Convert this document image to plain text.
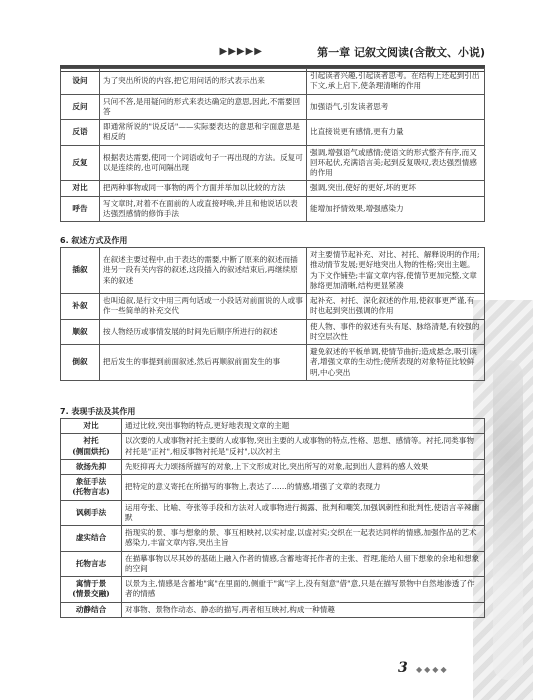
▶▶▶▶▶	第一章 记叙文阅读(含散文、小说)
设问	为了突出所说的内容,把它用问话的形式表示出来	引起读者兴趣,引起读者思考。在结构上还起到引出下文,承上启下,使条理清晰的作用
反问	只问不答,是用疑问的形式来表达确定的意思,因此,不需要回答	加强语气,引发读者思考
反语	即通常所说的"说反话"——实际要表达的意思和字面意思是相反的	比直接说更有感情,更有力量
反复	根据表达需要,使同一个词语或句子一再出现的方法。反复可以是连续的,也可间隔出现	强调,增强语气或感情;使语文的形式整齐有序,而又回环起伏,充满语言美;起到反复吸叹,表达强烈情感的作用
对比	把两种事物或同一事物的两个方面并举加以比较的方法	强调,突出,使好的更好,坏的更坏
呼告	写文章时,对着不在面前的人或直接呼唤,并且和他说话以表达强烈感情的修饰手法	能增加抒情效果,增强感染力
6. 叙述方式及作用
插叙	在叙述主要过程中,由于表达的需要,中断了原来的叙述而插进另一段有关内容的叙述,这段插入的叙述结束后,再继续原来的叙述	对主要情节起补充、对比、衬托、解释说明的作用;推动情节发展;更好地突出人物的性格;突出主题。为下文作铺垫;丰富文章内容,使情节更加完整,文章脉络更加清晰,结构更显紧凑
补叙	也叫追叙,是行文中用三两句话或一小段话对前面说的人或事作一些简单的补充交代	起补充、衬托、深化叙述的作用,使叙事更严谨,有时也起到突出强调的作用
顺叙	按人物经历或事情发展的时间先后顺序所进行的叙述	使人物、事件的叙述有头有尾、脉络清楚,有较强的时空层次性
倒叙	把后发生的事提到前面叙述,然后再顺叙前面发生的事	避免叙述的平板单调,使情节曲折;造成悬念,吸引读者,增强文章的生动性;使所表现的对象特征比较鲜明,中心突出
7. 表现手法及其作用
对比	通过比较,突出事物的特点,更好地表现文章的主题
衬托
(侧面烘托)	以次要的人或事物衬托主要的人或事物,突出主要的人或事物的特点,性格、思想、感情等。衬托,同类事物衬托是"正衬",相反事物衬托是"反衬",以次衬主
欲扬先抑	先贬抑再大力颂扬所描写的对象,上下文形成对比,突出所写的对象,起到出人意料的感人效果
象征手法
(托物言志)	把特定的意义寄托在所描写的事物上,表达了……的情感,增强了文章的表现力
讽刺手法	运用夸张、比喻、夸张等手段和方法对人或事物进行揭露、批判和嘲笑,加强讽刺性和批判性,使语言辛辣幽默
虚实结合	指现实的景、事与想象的景、事互相映衬,以实衬虚,以虚衬实;交织在一起表达同样的情感,加强作品的艺术感染力,丰富文章内容,突出主旨
托物言志	在描摹事物以尽其妙的基础上融入作者的情感,含蓄地寄托作者的主张、哲理,能给人留下想象的余地和想象的空间
寓情于景
(情景交融)	以景为主,情感是含蓄地"寓"在里面的,侧重于"寓"字上,没有刻意"借"意,只是在描写景物中自然地渗透了作者的情感
动静结合	对事物、景物作动态、静态的描写,两者相互映衬,构成一种情趣
3 ◆◆◆◆
